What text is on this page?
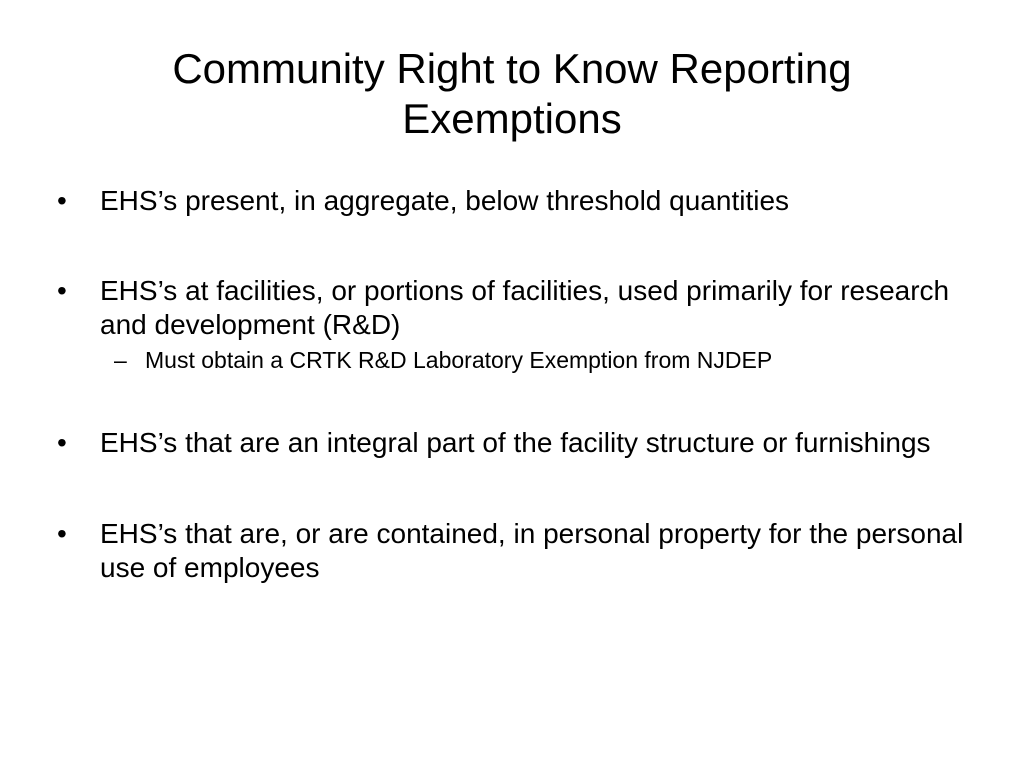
Community Right to Know Reporting Exemptions
• EHS’s present, in aggregate, below threshold quantities
• EHS’s at facilities, or portions of facilities, used primarily for research and development (R&D)
– Must obtain a CRTK R&D Laboratory Exemption from NJDEP
• EHS’s that are an integral part of the facility structure or furnishings
• EHS’s that are, or are contained, in personal property for the personal use of employees
